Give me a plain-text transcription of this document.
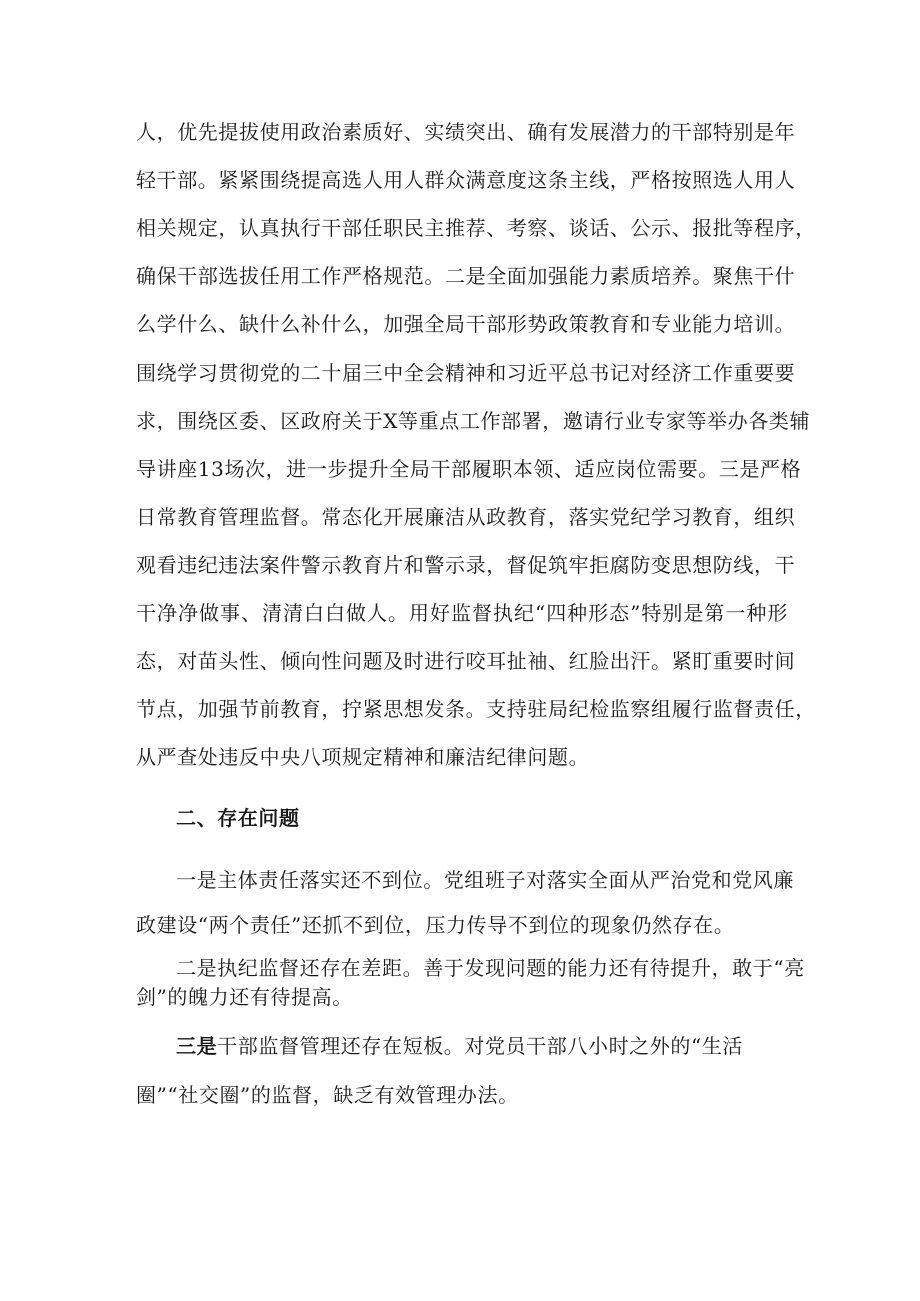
人，优先提拔使用政治素质好、实绩突出、确有发展潜力的干部特别是年
轻干部。紧紧围绕提高选人用人群众满意度这条主线，严格按照选人用人
相关规定，认真执行干部任职民主推荐、考察、谈话、公示、报批等程序，
确保干部选拔任用工作严格规范。二是全面加强能力素质培养。聚焦干什
么学什么、缺什么补什么，加强全局干部形势政策教育和专业能力培训。
围绕学习贯彻党的二十届三中全会精神和习近平总书记对经济工作重要要
求，围绕区委、区政府关于X等重点工作部署，邀请行业专家等举办各类辅
导讲座13场次，进一步提升全局干部履职本领、适应岗位需要。三是严格
日常教育管理监督。常态化开展廉洁从政教育，落实党纪学习教育，组织
观看违纪违法案件警示教育片和警示录，督促筑牢拒腐防变思想防线，干
干净净做事、清清白白做人。用好监督执纪“四种形态”特别是第一种形
态，对苗头性、倾向性问题及时进行咬耳扯袖、红脸出汗。紧盯重要时间
节点，加强节前教育，拧紧思想发条。支持驻局纪检监察组履行监督责任，
从严查处违反中央八项规定精神和廉洁纪律问题。
二、存在问题
一是主体责任落实还不到位。党组班子对落实全面从严治党和党风廉
政建设“两个责任”还抓不到位，压力传导不到位的现象仍然存在。
二是执纪监督还存在差距。善于发现问题的能力还有待提升，敢于“亮
剑”的魄力还有待提高。
三是干部监督管理还存在短板。对党员干部八小时之外的“生活
圈”“社交圈”的监督，缺乏有效管理办法。
